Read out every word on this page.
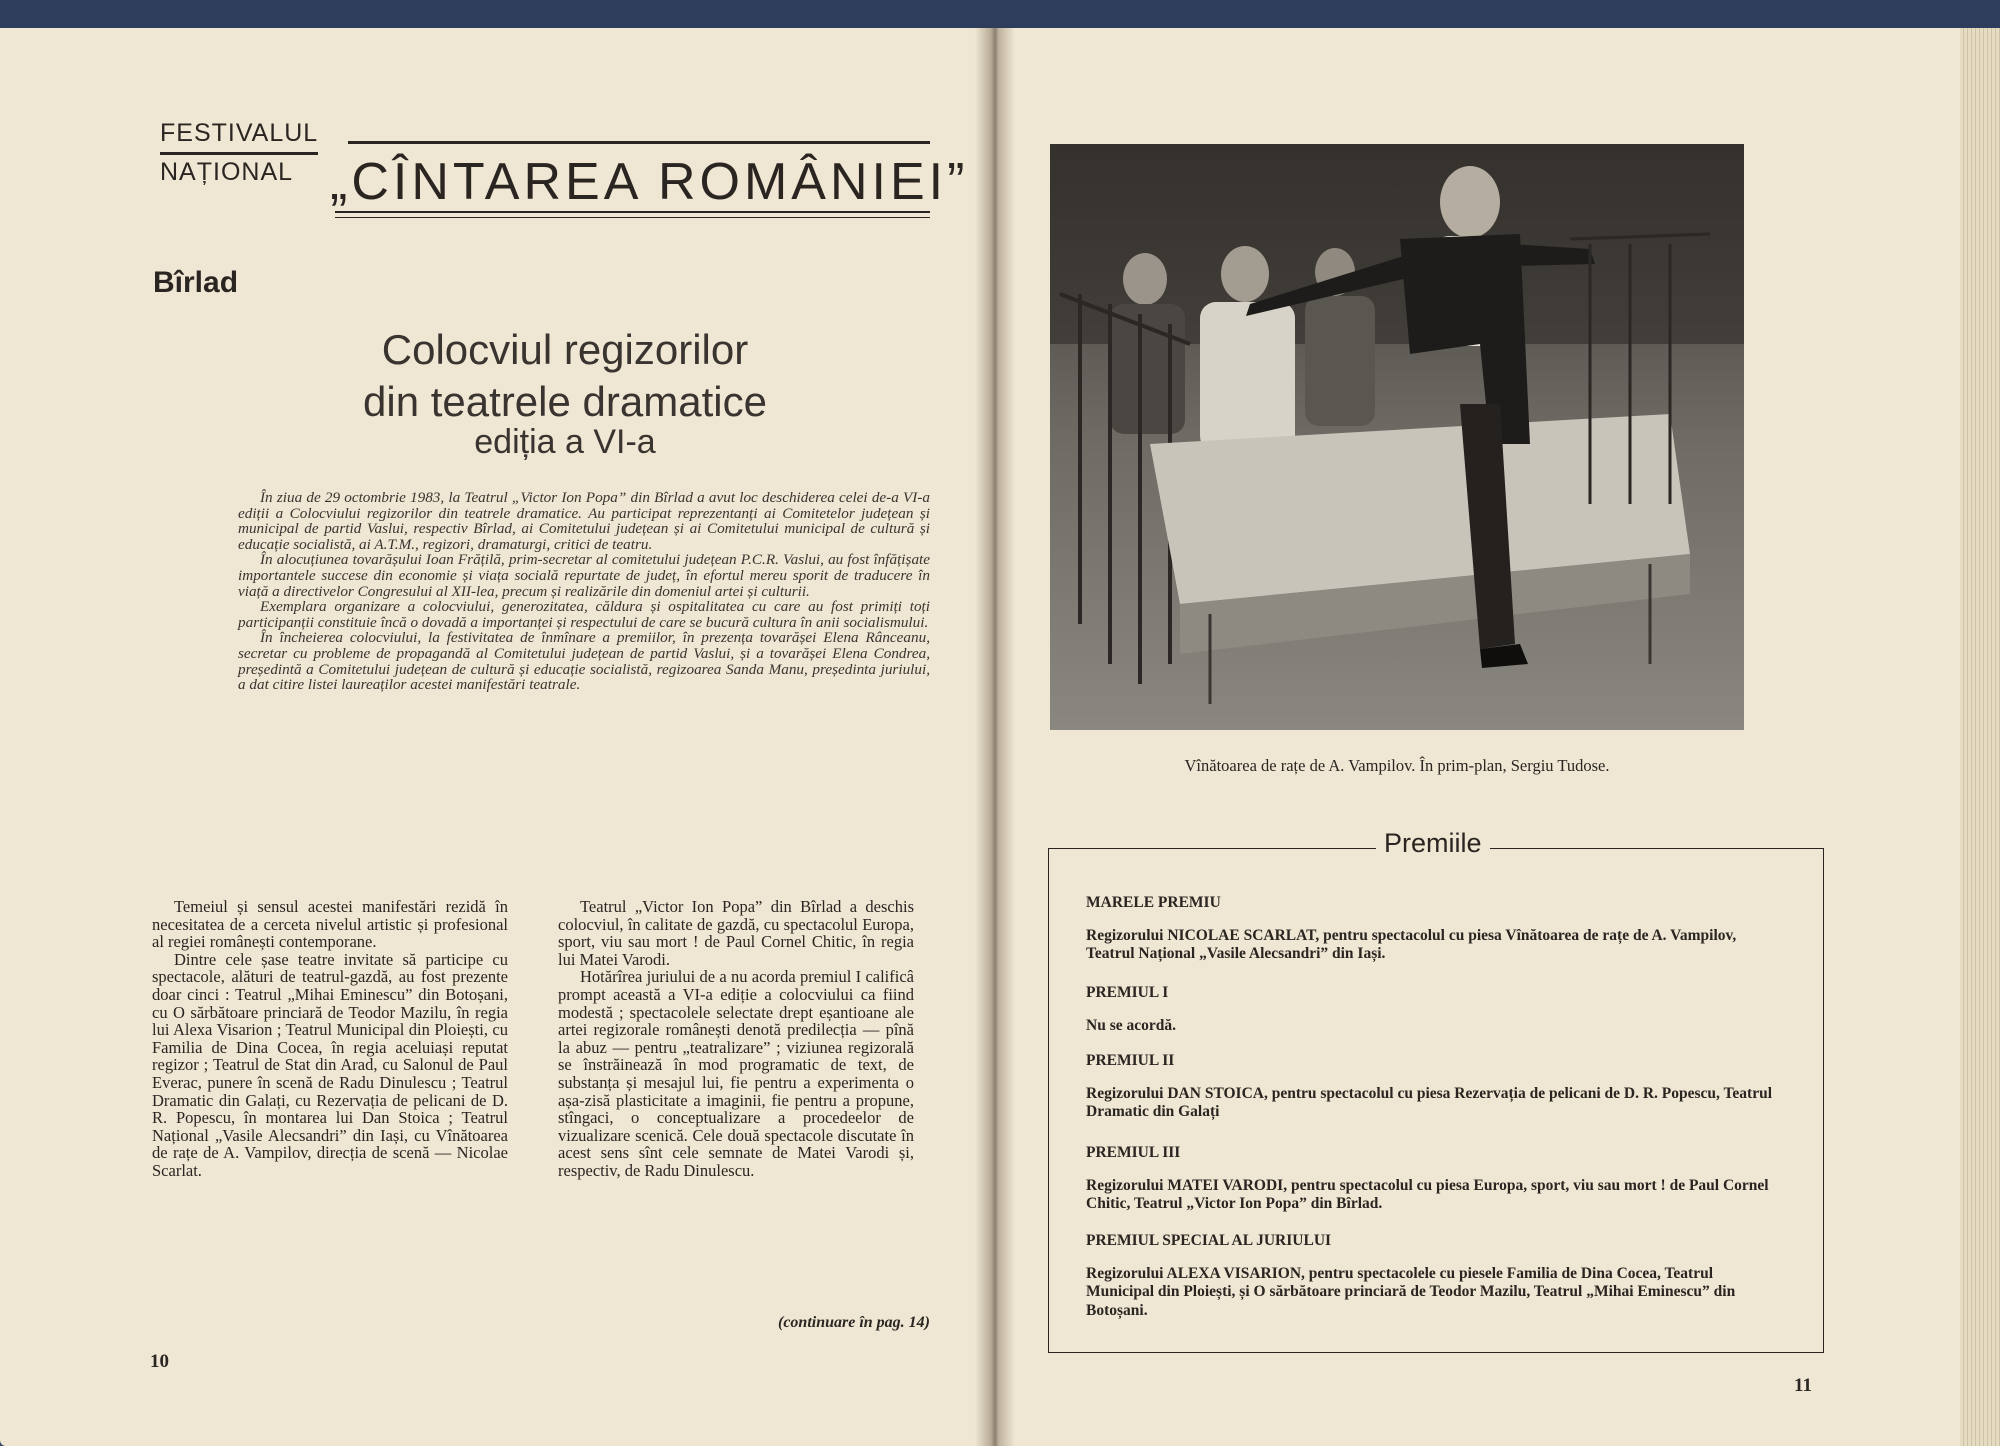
FESTIVALUL
NAȚIONAL „CÎNTAREA ROMÂNIEI”
Bîrlad
Colocviul regizorilor
din teatrele dramatice
ediția a VI-a

În ziua de 29 octombrie 1983, la Teatrul „Victor Ion Popa” din Bîrlad a avut loc deschiderea celei de-a VI-a ediții a Colocviului regizorilor din teatrele dramatice. Au participat reprezentanți ai Comitetelor județean și municipal de partid Vaslui, respectiv Bîrlad, ai Comitetului județean și ai Comitetului municipal de cultură și educație socialistă, ai A.T.M., regizori, dramaturgi, critici de teatru.

În alocuțiunea tovarășului Ioan Frățilă, prim-secretar al comitetului județean P.C.R. Vaslui, au fost înfățișate importantele succese din economie și viața socială repurtate de județ, în efortul mereu sporit de traducere în viață a directivelor Congresului al XII-lea, precum și realizările din domeniul artei și culturii.

Exemplara organizare a colocviului, generozitatea, căldura și ospitalitatea cu care au fost primiți toți participanții constituie încă o dovadă a importanței și respectului de care se bucură cultura în anii socialismului.

În încheierea colocviului, la festivitatea de înmînare a premiilor, în prezența tovarășei Elena Rânceanu, secretar cu probleme de propagandă al Comitetului județean de partid Vaslui, și a tovarășei Elena Condrea, președintă a Comitetului județean de cultură și educație socialistă, regizoarea Sanda Manu, președinta juriului, a dat citire listei laureaților acestei manifestări teatrale.

Temeiul și sensul acestei manifestări rezidă în necesitatea de a cerceta nivelul artistic și profesional al regiei românești contemporane.

Dintre cele șase teatre invitate să participe cu spectacole, alături de teatrul-gazdă, au fost prezente doar cinci : Teatrul „Mihai Eminescu” din Botoșani, cu O sărbătoare princiară de Teodor Mazilu, în regia lui Alexa Visarion ; Teatrul Municipal din Ploiești, cu Familia de Dina Cocea, în regia aceluiași reputat regizor ; Teatrul de Stat din Arad, cu Salonul de Paul Everac, punere în scenă de Radu Dinulescu ; Teatrul Dramatic din Galați, cu Rezervația de pelicani de D. R. Popescu, în montarea lui Dan Stoica ; Teatrul Național „Vasile Alecsandri” din Iași, cu Vînătoarea de rațe de A. Vampilov, direcția de scenă — Nicolae Scarlat.

Teatrul „Victor Ion Popa” din Bîrlad a deschis colocviul, în calitate de gazdă, cu spectacolul Europa, sport, viu sau mort ! de Paul Cornel Chitic, în regia lui Matei Varodi.

Hotărîrea juriului de a nu acorda premiul I calificâ prompt această a VI-a ediție a colocviului ca fiind modestă ; spectacolele selectate drept eșantioane ale artei regizorale românești denotă predilecția — pînă la abuz — pentru „teatralizare” ; viziunea regizorală se înstrăinează în mod programatic de text, de substanța și mesajul lui, fie pentru a experimenta o așa-zisă plasticitate a imaginii, fie pentru a propune, stîngaci, o conceptualizare a procedeelor de vizualizare scenică. Cele două spectacole discutate în acest sens sînt cele semnate de Matei Varodi și, respectiv, de Radu Dinulescu.

(continuare în pag. 14)
10
Vînătoarea de rațe de A. Vampilov. În prim-plan, Sergiu Tudose.
Premiile
MARELE PREMIU
Regizorului NICOLAE SCARLAT, pentru spectacolul cu piesa Vînătoarea de rațe de A. Vampilov, Teatrul Național „Vasile Alecsandri” din Iași.
PREMIUL I
Nu se acordă.
PREMIUL II
Regizorului DAN STOICA, pentru spectacolul cu piesa Rezervația de pelicani de D. R. Popescu, Teatrul Dramatic din Galați
PREMIUL III
Regizorului MATEI VARODI, pentru spectacolul cu piesa Europa, sport, viu sau mort ! de Paul Cornel Chitic, Teatrul „Victor Ion Popa” din Bîrlad.
PREMIUL SPECIAL AL JURIULUI
Regizorului ALEXA VISARION, pentru spectacolele cu piesele Familia de Dina Cocea, Teatrul Municipal din Ploiești, și O sărbătoare princiară de Teodor Mazilu, Teatrul „Mihai Eminescu” din Botoșani.
11
